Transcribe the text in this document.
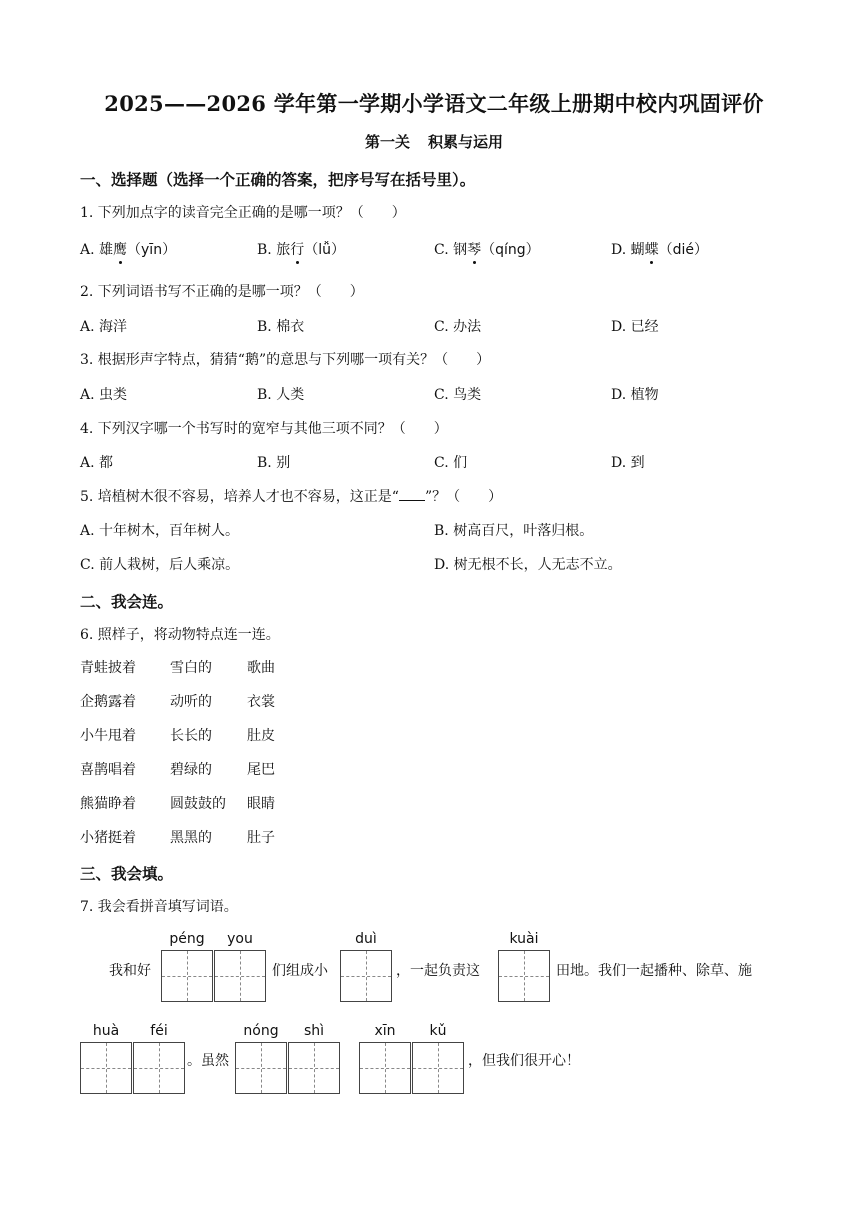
2025——2026 学年第一学期小学语文二年级上册期中校内巩固评价
第一关 积累与运用
一、选择题（选择一个正确的答案，把序号写在括号里）。
1. 下列加点字的读音完全正确的是哪一项？（　　）
A. 雄鹰（yīn）	B. 旅行（lǚ）	C. 钢琴（qíng）	D. 蝴蝶（dié）
2. 下列词语书写不正确的是哪一项？（　　）
A. 海洋	B. 棉衣	C. 办法	D. 已经
3. 根据形声字特点，猜猜“鹅”的意思与下列哪一项有关？（　　）
A. 虫类	B. 人类	C. 鸟类	D. 植物
4. 下列汉字哪一个书写时的宽窄与其他三项不同？（　　）
A. 都	B. 别	C. 们	D. 到
5. 培植树木很不容易，培养人才也不容易，这正是“ ”？（　　）
A. 十年树木，百年树人。	B. 树高百尺，叶落归根。
C. 前人栽树，后人乘凉。	D. 树无根不长，人无志不立。
二、我会连。
6. 照样子，将动物特点连一连。
青蛙披着 雪白的	歌曲
企鹅露着 动听的	衣裳
小牛甩着 长长的	肚皮
喜鹊唱着 碧绿的	尾巴
熊猫睁着 圆鼓鼓的 眼睛
小猪挺着 黑黑的	肚子
三、我会填。
7. 我会看拼音填写词语。
我和好
péng	you
们组成小
duì
，一起负责这
kuài
田地。我们一起播种、除草、施
huà	féi
。虽然
nóng	shì	xīn	kǔ
，但我们很开心！
